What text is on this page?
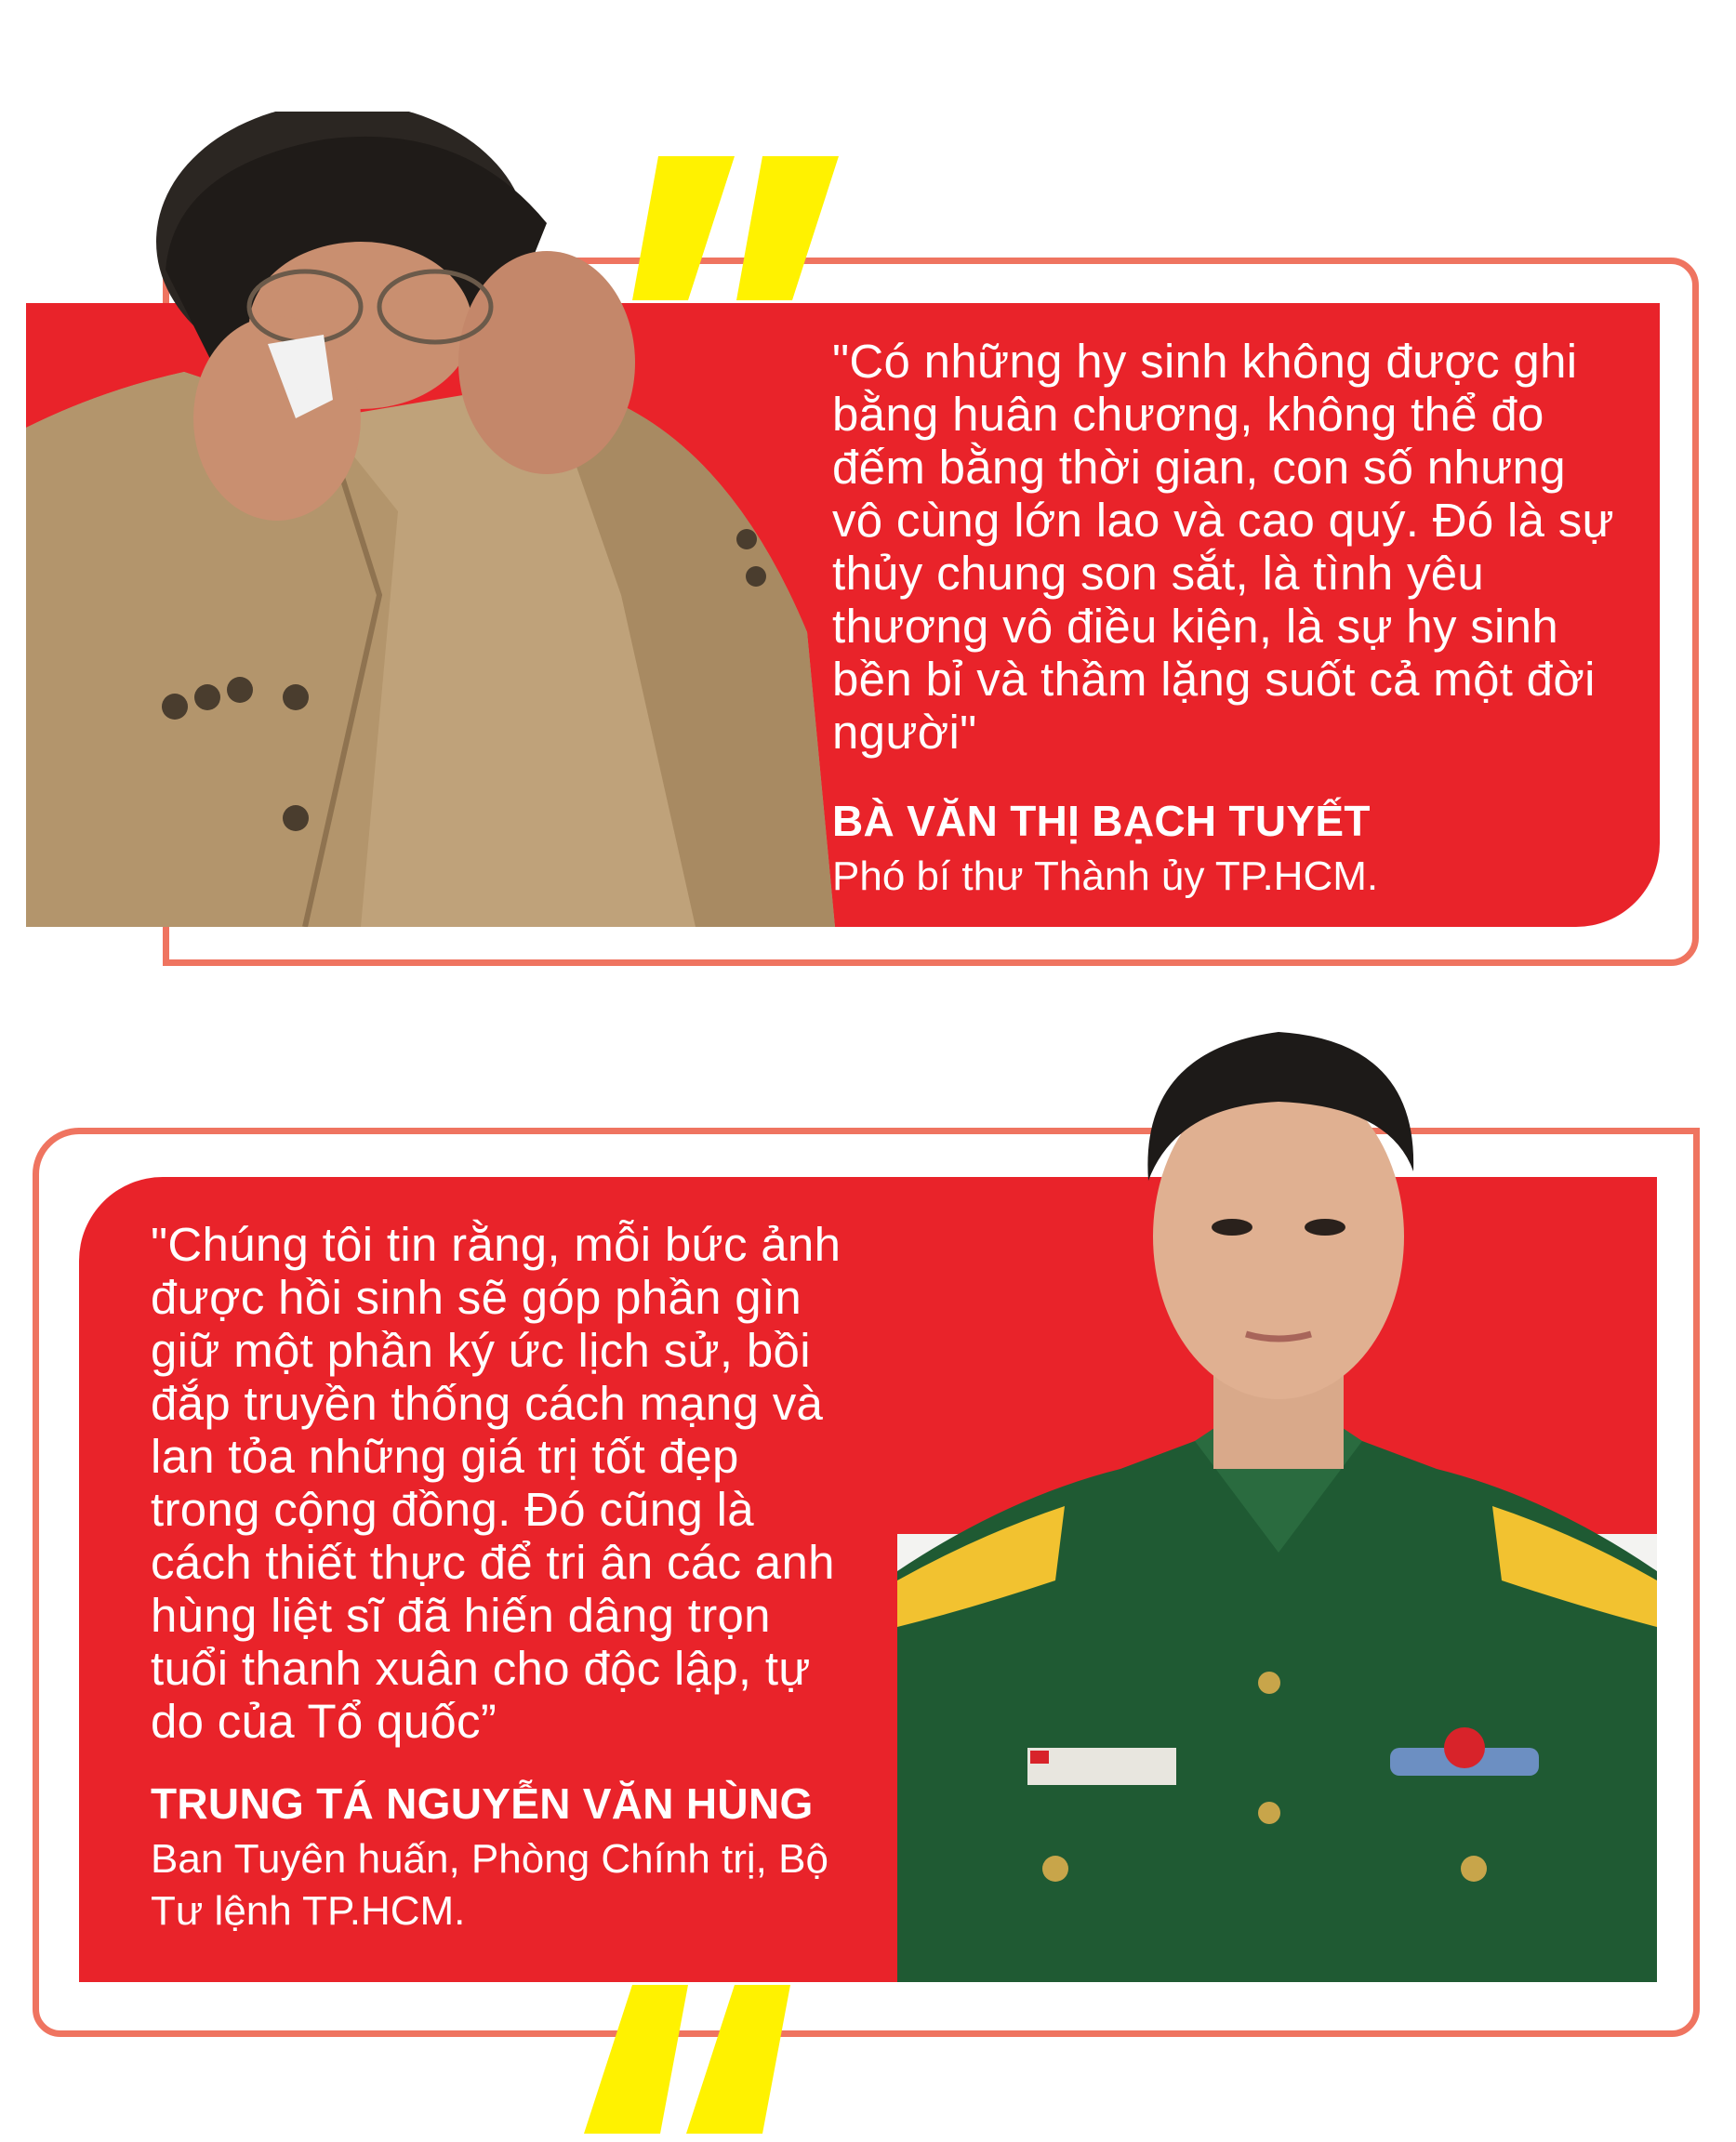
"Có những hy sinh không được ghi bằng huân chương, không thể đo đếm bằng thời gian, con số nhưng vô cùng lớn lao và cao quý. Đó là sự thủy chung son sắt, là tình yêu thương vô điều kiện, là sự hy sinh bền bỉ và thầm lặng suốt cả một đời người"

BÀ VĂN THỊ BẠCH TUYẾT
Phó bí thư Thành ủy TP.HCM.

"Chúng tôi tin rằng, mỗi bức ảnh được hồi sinh sẽ góp phần gìn giữ một phần ký ức lịch sử, bồi đắp truyền thống cách mạng và lan tỏa những giá trị tốt đẹp trong cộng đồng. Đó cũng là cách thiết thực để tri ân các anh hùng liệt sĩ đã hiến dâng trọn tuổi thanh xuân cho độc lập, tự do của Tổ quốc”

TRUNG TÁ NGUYỄN VĂN HÙNG
Ban Tuyên huấn, Phòng Chính trị, Bộ Tư lệnh TP.HCM.
